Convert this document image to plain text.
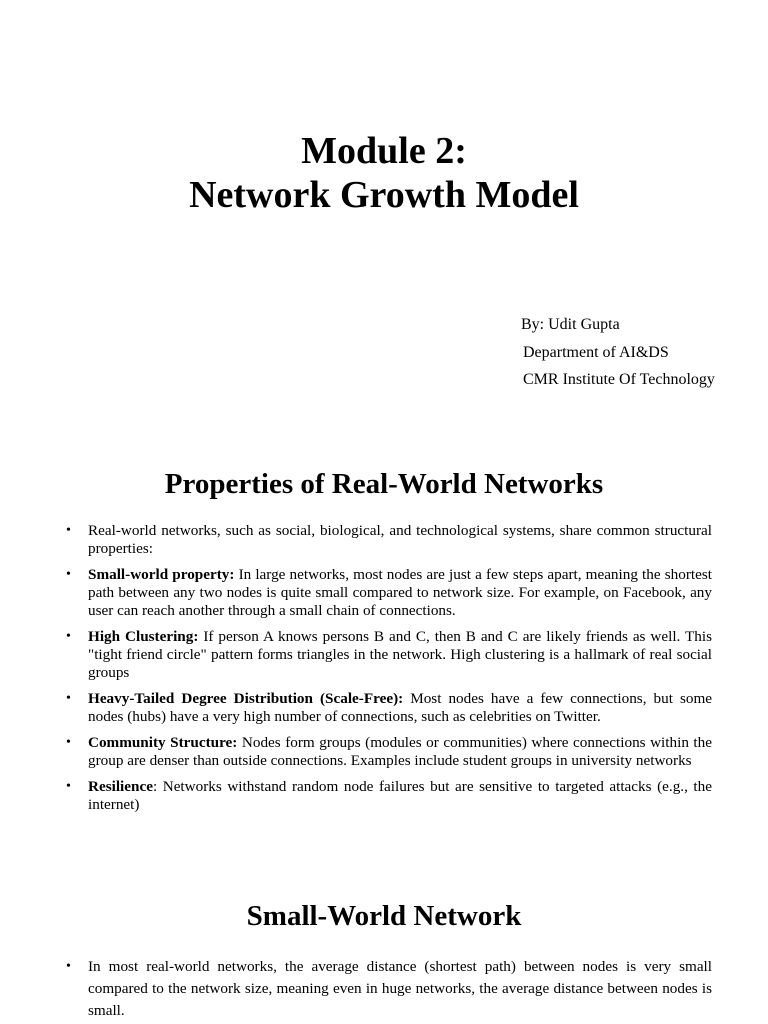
Module 2:
Network Growth Model
By: Udit Gupta
Department of AI&DS
CMR Institute Of Technology
Properties of Real-World Networks
• Real-world networks, such as social, biological, and technological systems, share common structural properties:
• Small-world property: In large networks, most nodes are just a few steps apart, meaning the shortest path between any two nodes is quite small compared to network size. For example, on Facebook, any user can reach another through a small chain of connections.
• High Clustering: If person A knows persons B and C, then B and C are likely friends as well. This "tight friend circle" pattern forms triangles in the network. High clustering is a hallmark of real social groups
• Heavy-Tailed Degree Distribution (Scale-Free): Most nodes have a few connections, but some nodes (hubs) have a very high number of connections, such as celebrities on Twitter.
• Community Structure: Nodes form groups (modules or communities) where connections within the group are denser than outside connections. Examples include student groups in university networks
• Resilience: Networks withstand random node failures but are sensitive to targeted attacks (e.g., the internet)
Small-World Network
• In most real-world networks, the average distance (shortest path) between nodes is very small compared to the network size, meaning even in huge networks, the average distance between nodes is small.
